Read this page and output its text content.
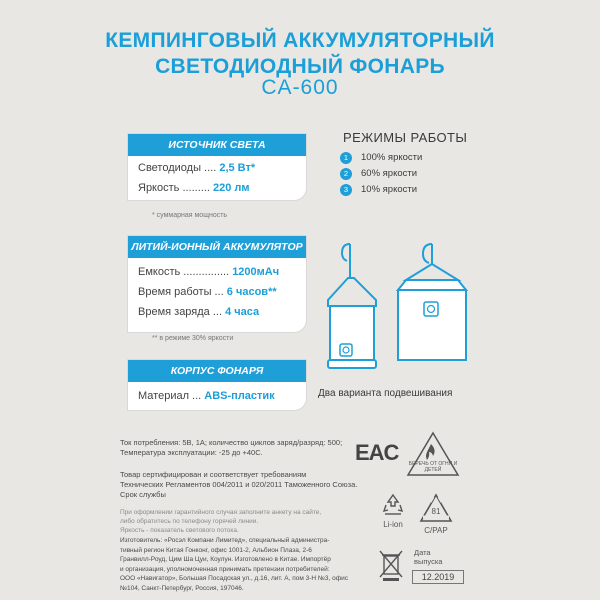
КЕМПИНГОВЫЙ АККУМУЛЯТОРНЫЙ
СВЕТОДИОДНЫЙ ФОНАРЬ
CA-600
ИСТОЧНИК СВЕТА
Светодиоды .... 2,5 Вт*
Яркость ......... 220 лм
* суммарная мощность
ЛИТИЙ-ИОННЫЙ АККУМУЛЯТОР
Емкость ............... 1200мАч
Время работы ... 6 часов**
Время заряда ... 4 часа
** в режиме 30% яркости
КОРПУС ФОНАРЯ
Материал ... ABS-пластик
РЕЖИМЫ РАБОТЫ
1 100% яркости
2 60% яркости
3 10% яркости
Два варианта подвешивания
Ток потребления: 5В, 1А; количество циклов заряд/разряд: 500;
Температура эксплуатации: -25 до +40С.
Товар сертифицирован и соответствует требованиям
Технических Регламентов 004/2011 и 020/2011 Таможенного Союза.
Срок службы
При оформлении гарантийного случая заполните анкету на сайте,
либо обратитесь по телефону горячей линии.
Яркость - показатель светового потока.
Изготовитель: «Росэл Компани Лимитед», специальный администра-
тивный регион Китая Гонконг, офис 1001-2, Альбион Плаза, 2-6
Гранвилл-Роуд, Цим Ша Цуи, Коулун. Изготовлено в Китае. Импортёр
и организация, уполномоченная принимать претензии потребителей:
ООО «Навигатор», Большая Посадская ул., д.16, лит. А, пом 3-Н №3, офис
№104, Санкт-Петербург, Россия, 197046.
EAC	БЕРЕЧЬ ОТ ОГНЯ И ДЕТЕЙ
Li-ion
81
C/PAP
Дата
выпуска
12.2019
